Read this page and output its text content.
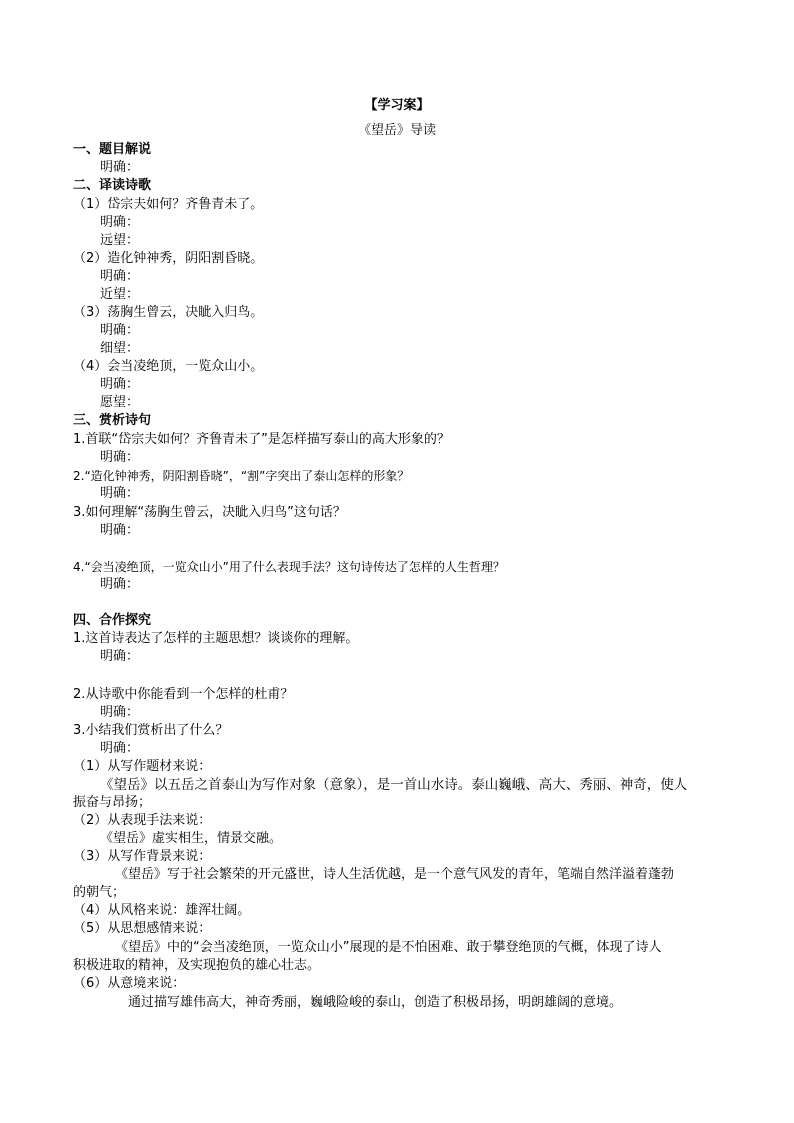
【学习案】
《望岳》导读
一、题目解说
明确：
二、译读诗歌
（1）岱宗夫如何？齐鲁青未了。
明确：
远望：
（2）造化钟神秀，阴阳割昏晓。
明确：
近望：
（3）荡胸生曾云，决眦入归鸟。
明确：
细望：
（4）会当凌绝顶，一览众山小。
明确：
愿望：
三、赏析诗句
1.首联“岱宗夫如何？齐鲁青未了”是怎样描写泰山的高大形象的？
明确：
2.“造化钟神秀，阴阳割昏晓”，“割”字突出了泰山怎样的形象？
明确：
3.如何理解“荡胸生曾云，决眦入归鸟”这句话？
明确：
4.“会当凌绝顶，一览众山小”用了什么表现手法？这句诗传达了怎样的人生哲理？
明确：
四、合作探究
1.这首诗表达了怎样的主题思想？谈谈你的理解。
明确：
2.从诗歌中你能看到一个怎样的杜甫？
明确：
3.小结我们赏析出了什么？
明确：
（1）从写作题材来说：
《望岳》以五岳之首泰山为写作对象（意象），是一首山水诗。泰山巍峨、高大、秀丽、神奇，使人
振奋与昂扬；
（2）从表现手法来说：
《望岳》虚实相生，情景交融。
（3）从写作背景来说：
《望岳》写于社会繁荣的开元盛世，诗人生活优越，是一个意气风发的青年，笔端自然洋溢着蓬勃
的朝气；
（4）从风格来说：雄浑壮阔。
（5）从思想感情来说：
《望岳》中的“会当凌绝顶，一览众山小”展现的是不怕困难、敢于攀登绝顶的气概，体现了诗人
积极进取的精神，及实现抱负的雄心壮志。
（6）从意境来说：
通过描写雄伟高大，神奇秀丽，巍峨险峻的泰山，创造了积极昂扬，明朗雄阔的意境。
